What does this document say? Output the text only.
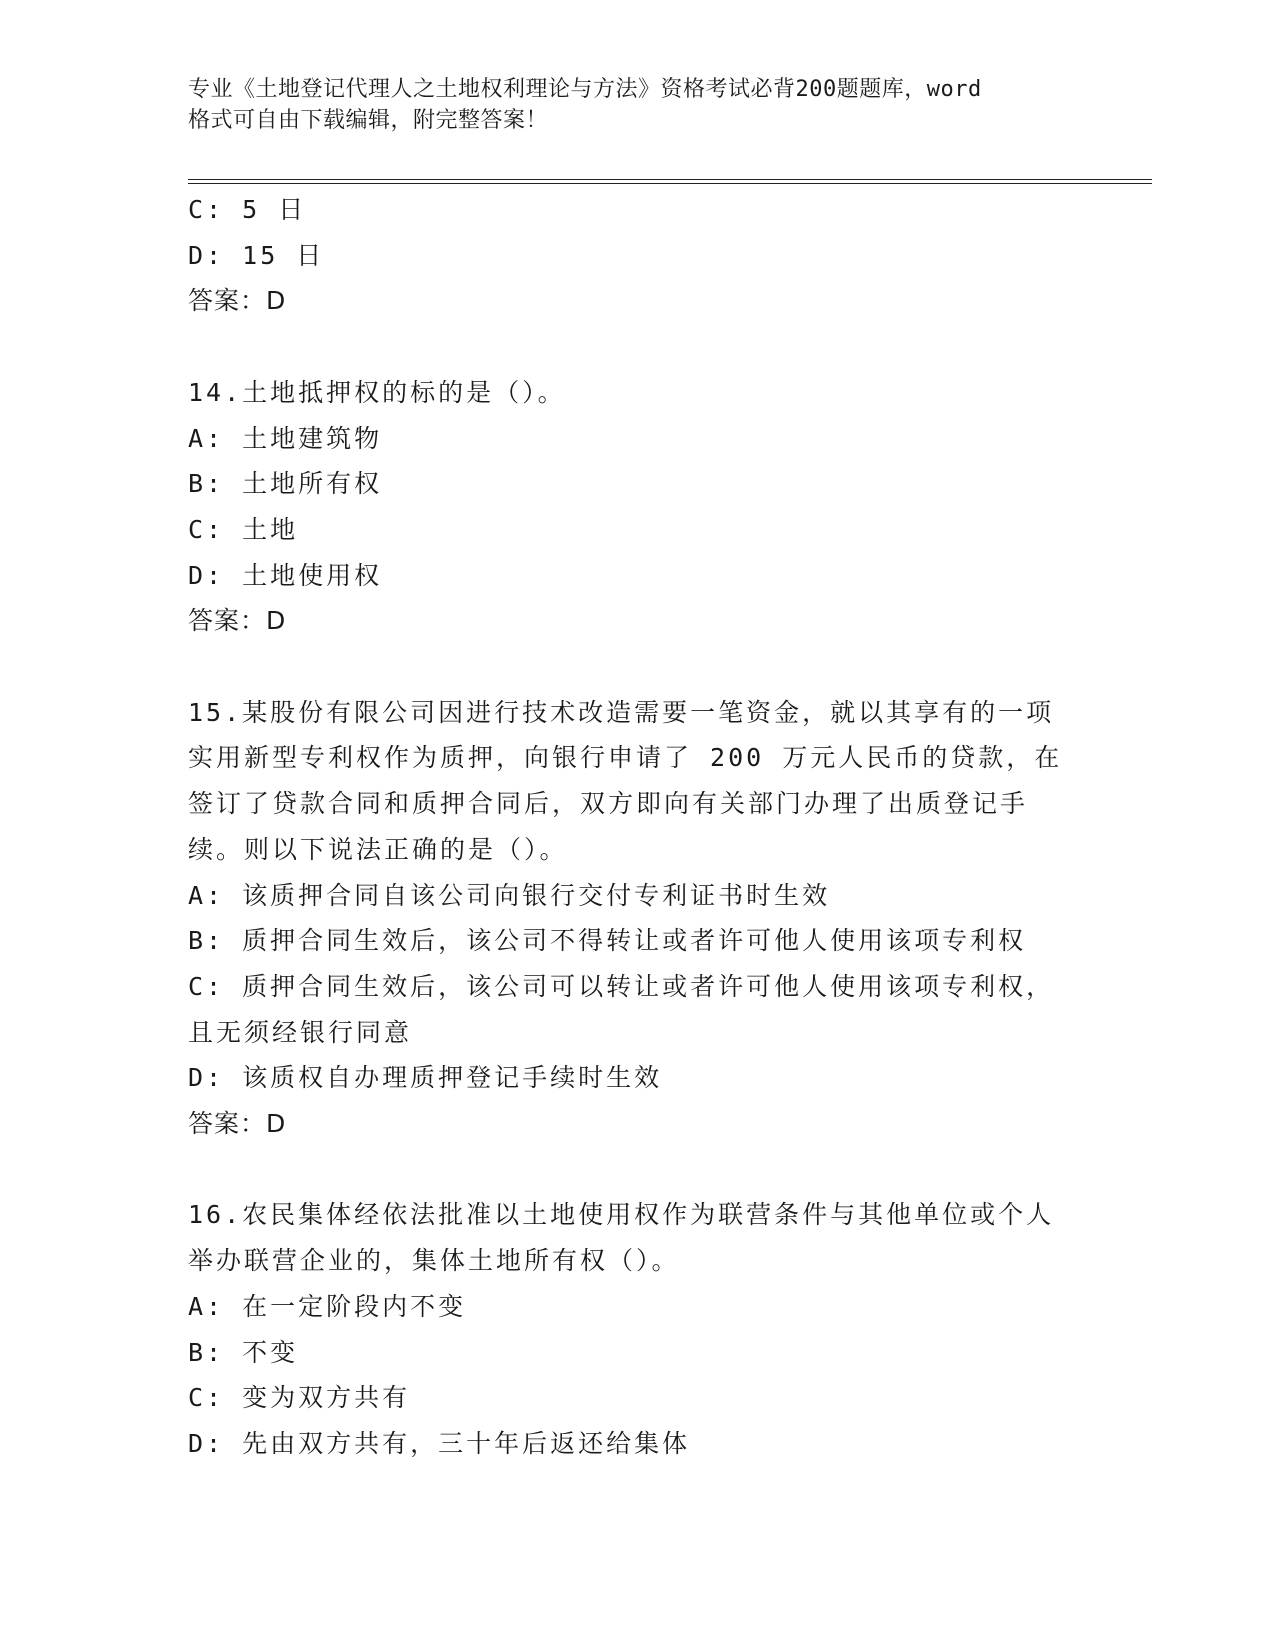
专业《土地登记代理人之土地权利理论与方法》资格考试必背200题题库，word
格式可自由下载编辑，附完整答案！
C: 5 日
D: 15 日
答案：D
14.土地抵押权的标的是（）。
A: 土地建筑物
B: 土地所有权
C: 土地
D: 土地使用权
答案：D
15.某股份有限公司因进行技术改造需要一笔资金，就以其享有的一项
实用新型专利权作为质押，向银行申请了 200 万元人民币的贷款，在
签订了贷款合同和质押合同后，双方即向有关部门办理了出质登记手
续。则以下说法正确的是（）。
A: 该质押合同自该公司向银行交付专利证书时生效
B: 质押合同生效后，该公司不得转让或者许可他人使用该项专利权
C: 质押合同生效后，该公司可以转让或者许可他人使用该项专利权，
且无须经银行同意
D: 该质权自办理质押登记手续时生效
答案：D
16.农民集体经依法批准以土地使用权作为联营条件与其他单位或个人
举办联营企业的，集体土地所有权（）。
A: 在一定阶段内不变
B: 不变
C: 变为双方共有
D: 先由双方共有，三十年后返还给集体
